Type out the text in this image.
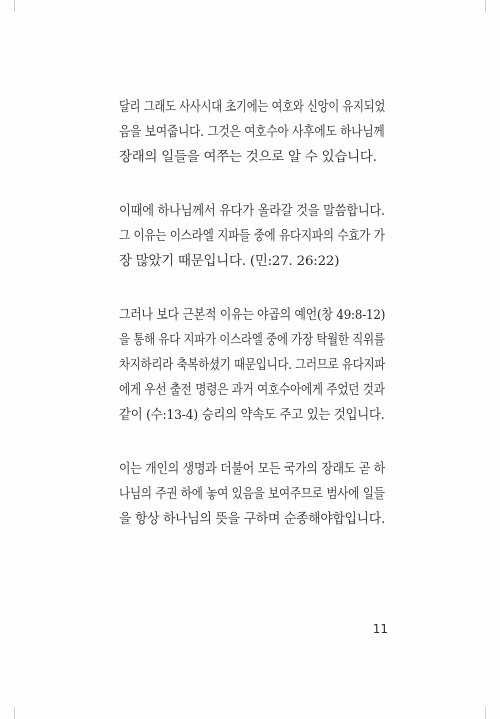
달리 그래도 사사시대 초기에는 여호와 신앙이 유지되었
음을 보여줍니다. 그것은 여호수아 사후에도 하나님께
장래의 일들을 여쭈는 것으로 알 수 있습니다.

이때에 하나님께서 유다가 올라갈 것을 말씀합니다.
그 이유는 이스라엘 지파들 중에 유다지파의 수효가 가
장 많았기 때문입니다. (민:27. 26:22)

그러나 보다 근본적 이유는 야곱의 예언(창 49:8-12)
을 통해 유다 지파가 이스라엘 중에 가장 탁월한 직위를
차지하리라 축복하셨기 때문입니다. 그러므로 유다지파
에게 우선 출전 명령은 과거 여호수아에게 주었던 것과
같이 (수:13-4) 승리의 약속도 주고 있는 것입니다.

이는 개인의 생명과 더불어 모든 국가의 장래도 곧 하
나님의 주권 하에 놓여 있음을 보여주므로 범사에 일들
을 항상 하나님의 뜻을 구하며 순종해야합입니다.

11
